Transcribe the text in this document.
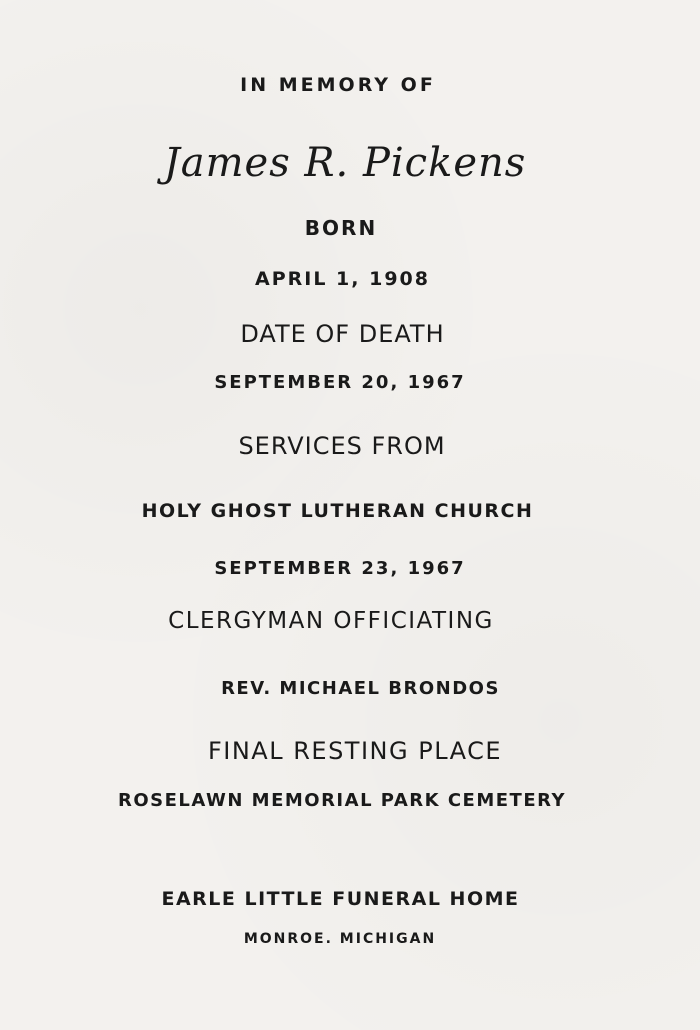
IN MEMORY OF
James R. Pickens
BORN
APRIL 1, 1908
DATE OF DEATH
SEPTEMBER 20, 1967
SERVICES FROM
HOLY GHOST LUTHERAN CHURCH
SEPTEMBER 23, 1967
CLERGYMAN OFFICIATING
REV. MICHAEL BRONDOS
FINAL RESTING PLACE
ROSELAWN MEMORIAL PARK CEMETERY
EARLE LITTLE FUNERAL HOME
MONROE. MICHIGAN
